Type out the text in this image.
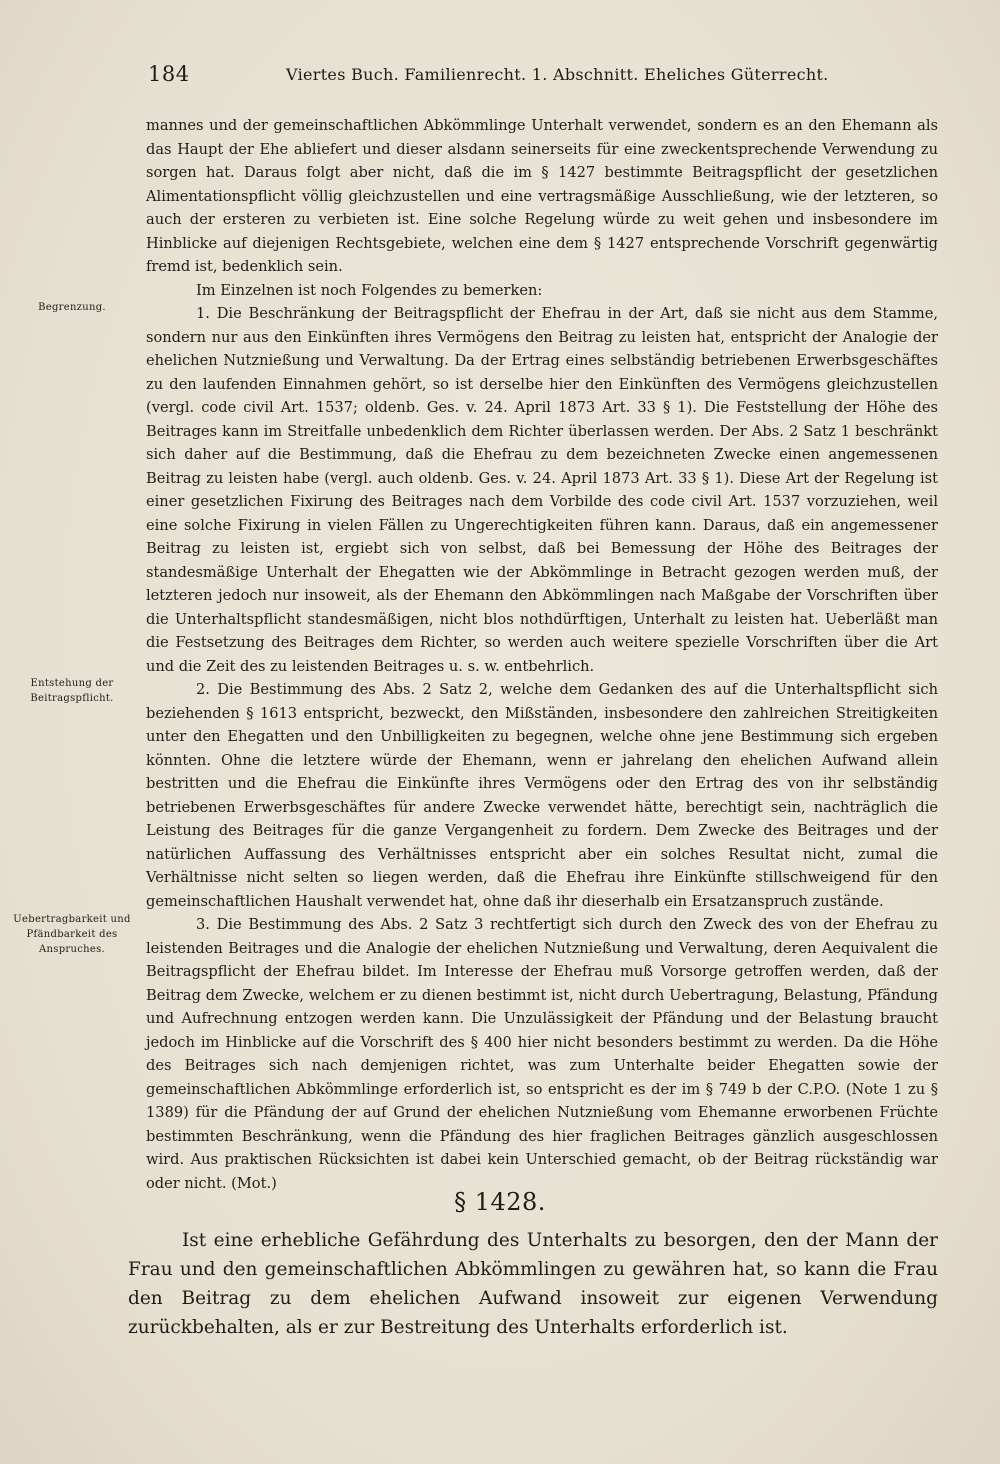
184	Viertes Buch. Familienrecht. 1. Abschnitt. Eheliches Güterrecht.
Begrenzung.
Entstehung der Beitragspflicht.
Uebertragbarkeit und Pfändbarkeit des Anspruches.

mannes und der gemeinschaftlichen Abkömmlinge Unterhalt verwendet, sondern es an den Ehemann als das Haupt der Ehe abliefert und dieser alsdann seinerseits für eine zweckentsprechende Verwendung zu sorgen hat. Daraus folgt aber nicht, daß die im § 1427 bestimmte Beitragspflicht der gesetzlichen Alimentationspflicht völlig gleichzustellen und eine vertragsmäßige Ausschließung, wie der letzteren, so auch der ersteren zu verbieten ist. Eine solche Regelung würde zu weit gehen und insbesondere im Hinblicke auf diejenigen Rechtsgebiete, welchen eine dem § 1427 entsprechende Vorschrift gegenwärtig fremd ist, bedenklich sein.

Im Einzelnen ist noch Folgendes zu bemerken:

1. Die Beschränkung der Beitragspflicht der Ehefrau in der Art, daß sie nicht aus dem Stamme, sondern nur aus den Einkünften ihres Vermögens den Beitrag zu leisten hat, entspricht der Analogie der ehelichen Nutznießung und Verwaltung. Da der Ertrag eines selbständig betriebenen Erwerbsgeschäftes zu den laufenden Einnahmen gehört, so ist derselbe hier den Einkünften des Vermögens gleichzustellen (vergl. code civil Art. 1537; oldenb. Ges. v. 24. April 1873 Art. 33 § 1). Die Feststellung der Höhe des Beitrages kann im Streitfalle unbedenklich dem Richter überlassen werden. Der Abs. 2 Satz 1 beschränkt sich daher auf die Bestimmung, daß die Ehefrau zu dem bezeichneten Zwecke einen angemessenen Beitrag zu leisten habe (vergl. auch oldenb. Ges. v. 24. April 1873 Art. 33 § 1). Diese Art der Regelung ist einer gesetzlichen Fixirung des Beitrages nach dem Vorbilde des code civil Art. 1537 vorzuziehen, weil eine solche Fixirung in vielen Fällen zu Ungerechtigkeiten führen kann. Daraus, daß ein angemessener Beitrag zu leisten ist, ergiebt sich von selbst, daß bei Bemessung der Höhe des Beitrages der standesmäßige Unterhalt der Ehegatten wie der Abkömmlinge in Betracht gezogen werden muß, der letzteren jedoch nur insoweit, als der Ehemann den Abkömmlingen nach Maßgabe der Vorschriften über die Unterhaltspflicht standesmäßigen, nicht blos nothdürftigen, Unterhalt zu leisten hat. Ueberläßt man die Festsetzung des Beitrages dem Richter, so werden auch weitere spezielle Vorschriften über die Art und die Zeit des zu leistenden Beitrages u. s. w. entbehrlich.

2. Die Bestimmung des Abs. 2 Satz 2, welche dem Gedanken des auf die Unterhaltspflicht sich beziehenden § 1613 entspricht, bezweckt, den Mißständen, insbesondere den zahlreichen Streitigkeiten unter den Ehegatten und den Unbilligkeiten zu begegnen, welche ohne jene Bestimmung sich ergeben könnten. Ohne die letztere würde der Ehemann, wenn er jahrelang den ehelichen Aufwand allein bestritten und die Ehefrau die Einkünfte ihres Vermögens oder den Ertrag des von ihr selbständig betriebenen Erwerbsgeschäftes für andere Zwecke verwendet hätte, berechtigt sein, nachträglich die Leistung des Beitrages für die ganze Vergangenheit zu fordern. Dem Zwecke des Beitrages und der natürlichen Auffassung des Verhältnisses entspricht aber ein solches Resultat nicht, zumal die Verhältnisse nicht selten so liegen werden, daß die Ehefrau ihre Einkünfte stillschweigend für den gemeinschaftlichen Haushalt verwendet hat, ohne daß ihr dieserhalb ein Ersatzanspruch zustände.

3. Die Bestimmung des Abs. 2 Satz 3 rechtfertigt sich durch den Zweck des von der Ehefrau zu leistenden Beitrages und die Analogie der ehelichen Nutznießung und Verwaltung, deren Aequivalent die Beitragspflicht der Ehefrau bildet. Im Interesse der Ehefrau muß Vorsorge getroffen werden, daß der Beitrag dem Zwecke, welchem er zu dienen bestimmt ist, nicht durch Uebertragung, Belastung, Pfändung und Aufrechnung entzogen werden kann. Die Unzulässigkeit der Pfändung und der Belastung braucht jedoch im Hinblicke auf die Vorschrift des § 400 hier nicht besonders bestimmt zu werden. Da die Höhe des Beitrages sich nach demjenigen richtet, was zum Unterhalte beider Ehegatten sowie der gemeinschaftlichen Abkömmlinge erforderlich ist, so entspricht es der im § 749 b der C.P.O. (Note 1 zu § 1389) für die Pfändung der auf Grund der ehelichen Nutznießung vom Ehemanne erworbenen Früchte bestimmten Beschränkung, wenn die Pfändung des hier fraglichen Beitrages gänzlich ausgeschlossen wird. Aus praktischen Rücksichten ist dabei kein Unterschied gemacht, ob der Beitrag rückständig war oder nicht. (Mot.)

§ 1428.
Ist eine erhebliche Gefährdung des Unterhalts zu besorgen, den der Mann der Frau und den gemeinschaftlichen Abkömmlingen zu gewähren hat, so kann die Frau den Beitrag zu dem ehelichen Aufwand insoweit zur eigenen Verwendung zurückbehalten, als er zur Bestreitung des Unterhalts erforderlich ist.
